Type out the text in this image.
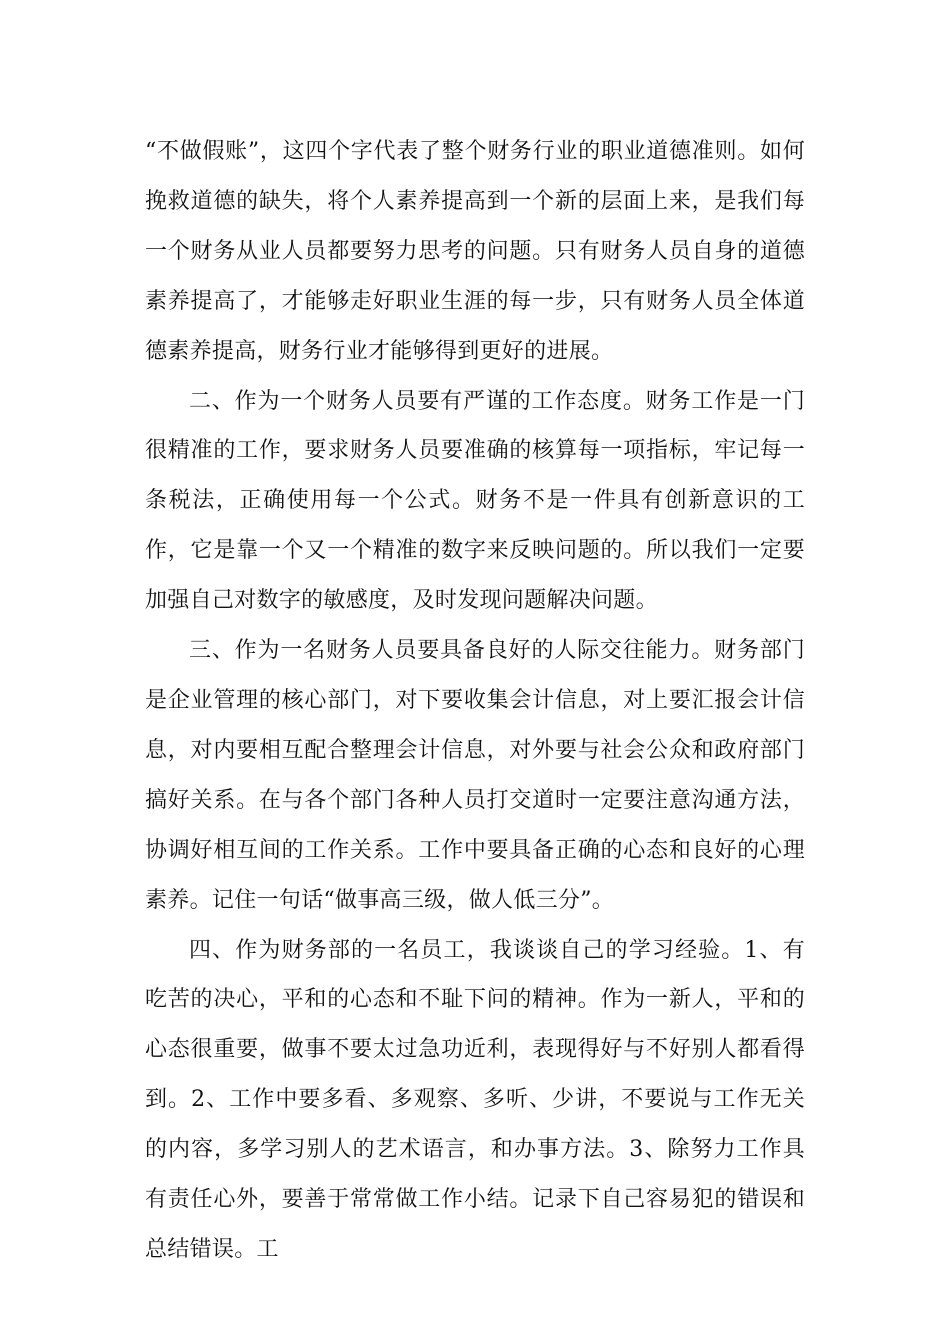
“不做假账”，这四个字代表了整个财务行业的职业道德准则。如何挽救道德的缺失，将个人素养提高到一个新的层面上来，是我们每一个财务从业人员都要努力思考的问题。只有财务人员自身的道德素养提高了，才能够走好职业生涯的每一步，只有财务人员全体道德素养提高，财务行业才能够得到更好的进展。

二、作为一个财务人员要有严谨的工作态度。财务工作是一门很精准的工作，要求财务人员要准确的核算每一项指标，牢记每一条税法，正确使用每一个公式。财务不是一件具有创新意识的工作，它是靠一个又一个精准的数字来反映问题的。所以我们一定要加强自己对数字的敏感度，及时发现问题解决问题。

三、作为一名财务人员要具备良好的人际交往能力。财务部门是企业管理的核心部门，对下要收集会计信息，对上要汇报会计信息，对内要相互配合整理会计信息，对外要与社会公众和政府部门搞好关系。在与各个部门各种人员打交道时一定要注意沟通方法，协调好相互间的工作关系。工作中要具备正确的心态和良好的心理素养。记住一句话“做事高三级，做人低三分”。

四、作为财务部的一名员工，我谈谈自己的学习经验。1、有吃苦的决心，平和的心态和不耻下问的精神。作为一新人，平和的心态很重要，做事不要太过急功近利，表现得好与不好别人都看得到。2、工作中要多看、多观察、多听、少讲，不要说与工作无关的内容，多学习别人的艺术语言，和办事方法。3、除努力工作具有责任心外，要善于常常做工作小结。记录下自己容易犯的错误和总结错误。工
